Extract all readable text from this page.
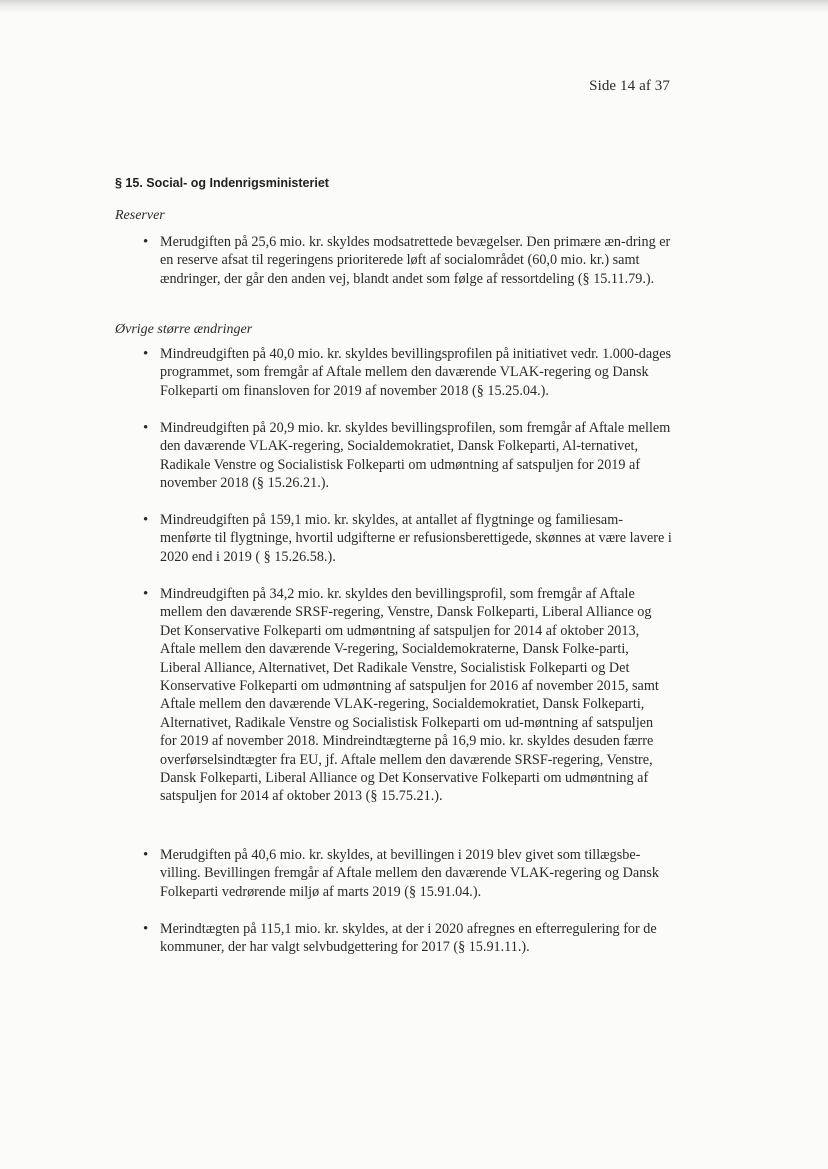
Side 14 af 37
§ 15. Social- og Indenrigsministeriet
Reserver
• Merudgiften på 25,6 mio. kr. skyldes modsatrettede bevægelser. Den primære æn-dring er en reserve afsat til regeringens prioriterede løft af socialområdet (60,0 mio. kr.) samt ændringer, der går den anden vej, blandt andet som følge af ressortdeling (§ 15.11.79.).
Øvrige større ændringer
• Mindreudgiften på 40,0 mio. kr. skyldes bevillingsprofilen på initiativet vedr. 1.000-dages programmet, som fremgår af Aftale mellem den daværende VLAK-regering og Dansk Folkeparti om finansloven for 2019 af november 2018 (§ 15.25.04.).
• Mindreudgiften på 20,9 mio. kr. skyldes bevillingsprofilen, som fremgår af Aftale mellem den daværende VLAK-regering, Socialdemokratiet, Dansk Folkeparti, Al-ternativet, Radikale Venstre og Socialistisk Folkeparti om udmøntning af satspuljen for 2019 af november 2018 (§ 15.26.21.).
• Mindreudgiften på 159,1 mio. kr. skyldes, at antallet af flygtninge og familiesam-menførte til flygtninge, hvortil udgifterne er refusionsberettigede, skønnes at være lavere i 2020 end i 2019 ( § 15.26.58.).
• Mindreudgiften på 34,2 mio. kr. skyldes den bevillingsprofil, som fremgår af Aftale mellem den daværende SRSF-regering, Venstre, Dansk Folkeparti, Liberal Alliance og Det Konservative Folkeparti om udmøntning af satspuljen for 2014 af oktober 2013, Aftale mellem den daværende V-regering, Socialdemokraterne, Dansk Folke-parti, Liberal Alliance, Alternativet, Det Radikale Venstre, Socialistisk Folkeparti og Det Konservative Folkeparti om udmøntning af satspuljen for 2016 af november 2015, samt Aftale mellem den daværende VLAK-regering, Socialdemokratiet, Dansk Folkeparti, Alternativet, Radikale Venstre og Socialistisk Folkeparti om ud-møntning af satspuljen for 2019 af november 2018. Mindreindtægterne på 16,9 mio. kr. skyldes desuden færre overførselsindtægter fra EU, jf. Aftale mellem den daværende SRSF-regering, Venstre, Dansk Folkeparti, Liberal Alliance og Det Konservative Folkeparti om udmøntning af satspuljen for 2014 af oktober 2013 (§ 15.75.21.).
• Merudgiften på 40,6 mio. kr. skyldes, at bevillingen i 2019 blev givet som tillægsbe-villing. Bevillingen fremgår af Aftale mellem den daværende VLAK-regering og Dansk Folkeparti vedrørende miljø af marts 2019 (§ 15.91.04.).
• Merindtægten på 115,1 mio. kr. skyldes, at der i 2020 afregnes en efterregulering for de kommuner, der har valgt selvbudgettering for 2017 (§ 15.91.11.).
